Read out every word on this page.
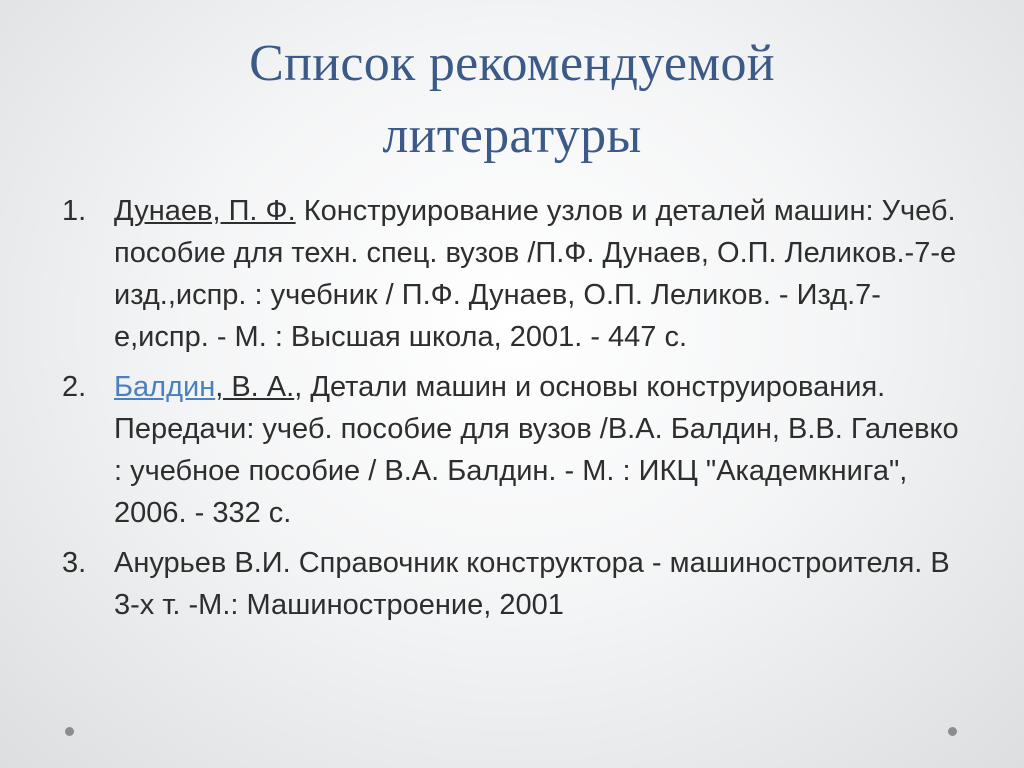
Список рекомендуемой
литературы
1. Дунаев, П. Ф. Конструирование узлов и деталей машин: Учеб. пособие для техн. спец. вузов /П.Ф. Дунаев, О.П. Леликов.-7-е изд.,испр. : учебник / П.Ф. Дунаев, О.П. Леликов. - Изд.7-е,испр. - М. : Высшая школа, 2001. - 447 с.
2. Балдин, В. А., Детали машин и основы конструирования. Передачи: учеб. пособие для вузов /В.А. Балдин, В.В. Галевко : учебное пособие / В.А. Балдин. - М. : ИКЦ "Академкнига", 2006. - 332 с.
3. Анурьев В.И. Справочник конструктора - машиностроителя. В 3-х т. -М.: Машиностроение, 2001
